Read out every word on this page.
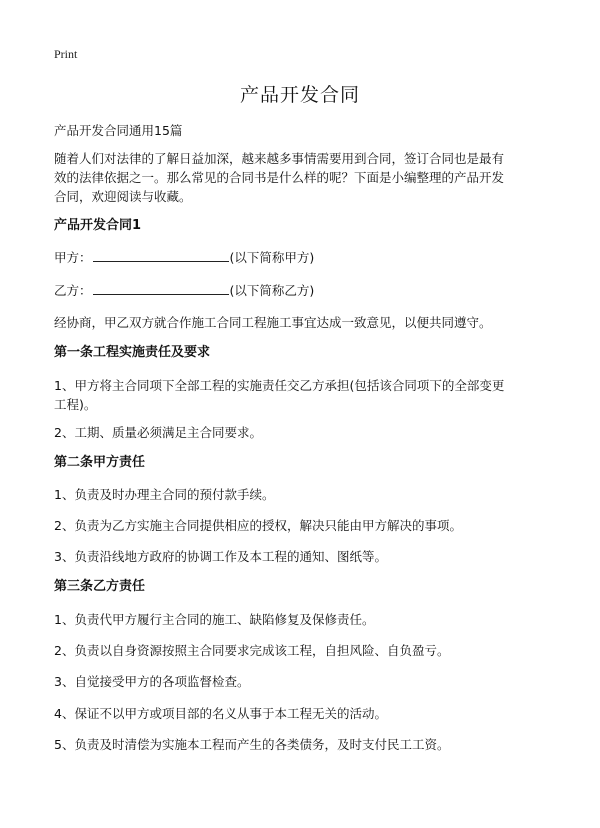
Print
产品开发合同
产品开发合同通用15篇
随着人们对法律的了解日益加深，越来越多事情需要用到合同，签订合同也是最有
效的法律依据之一。那么常见的合同书是什么样的呢？下面是小编整理的产品开发
合同，欢迎阅读与收藏。
产品开发合同1
甲方：	(以下简称甲方)
乙方：	(以下简称乙方)
经协商，甲乙双方就合作施工合同工程施工事宜达成一致意见，以便共同遵守。
第一条工程实施责任及要求
1、甲方将主合同项下全部工程的实施责任交乙方承担(包括该合同项下的全部变更
工程)。
2、工期、质量必须满足主合同要求。
第二条甲方责任
1、负责及时办理主合同的预付款手续。
2、负责为乙方实施主合同提供相应的授权，解决只能由甲方解决的事项。
3、负责沿线地方政府的协调工作及本工程的通知、图纸等。
第三条乙方责任
1、负责代甲方履行主合同的施工、缺陷修复及保修责任。
2、负责以自身资源按照主合同要求完成该工程，自担风险、自负盈亏。
3、自觉接受甲方的各项监督检查。
4、保证不以甲方或项目部的名义从事于本工程无关的活动。
5、负责及时清偿为实施本工程而产生的各类债务，及时支付民工工资。
